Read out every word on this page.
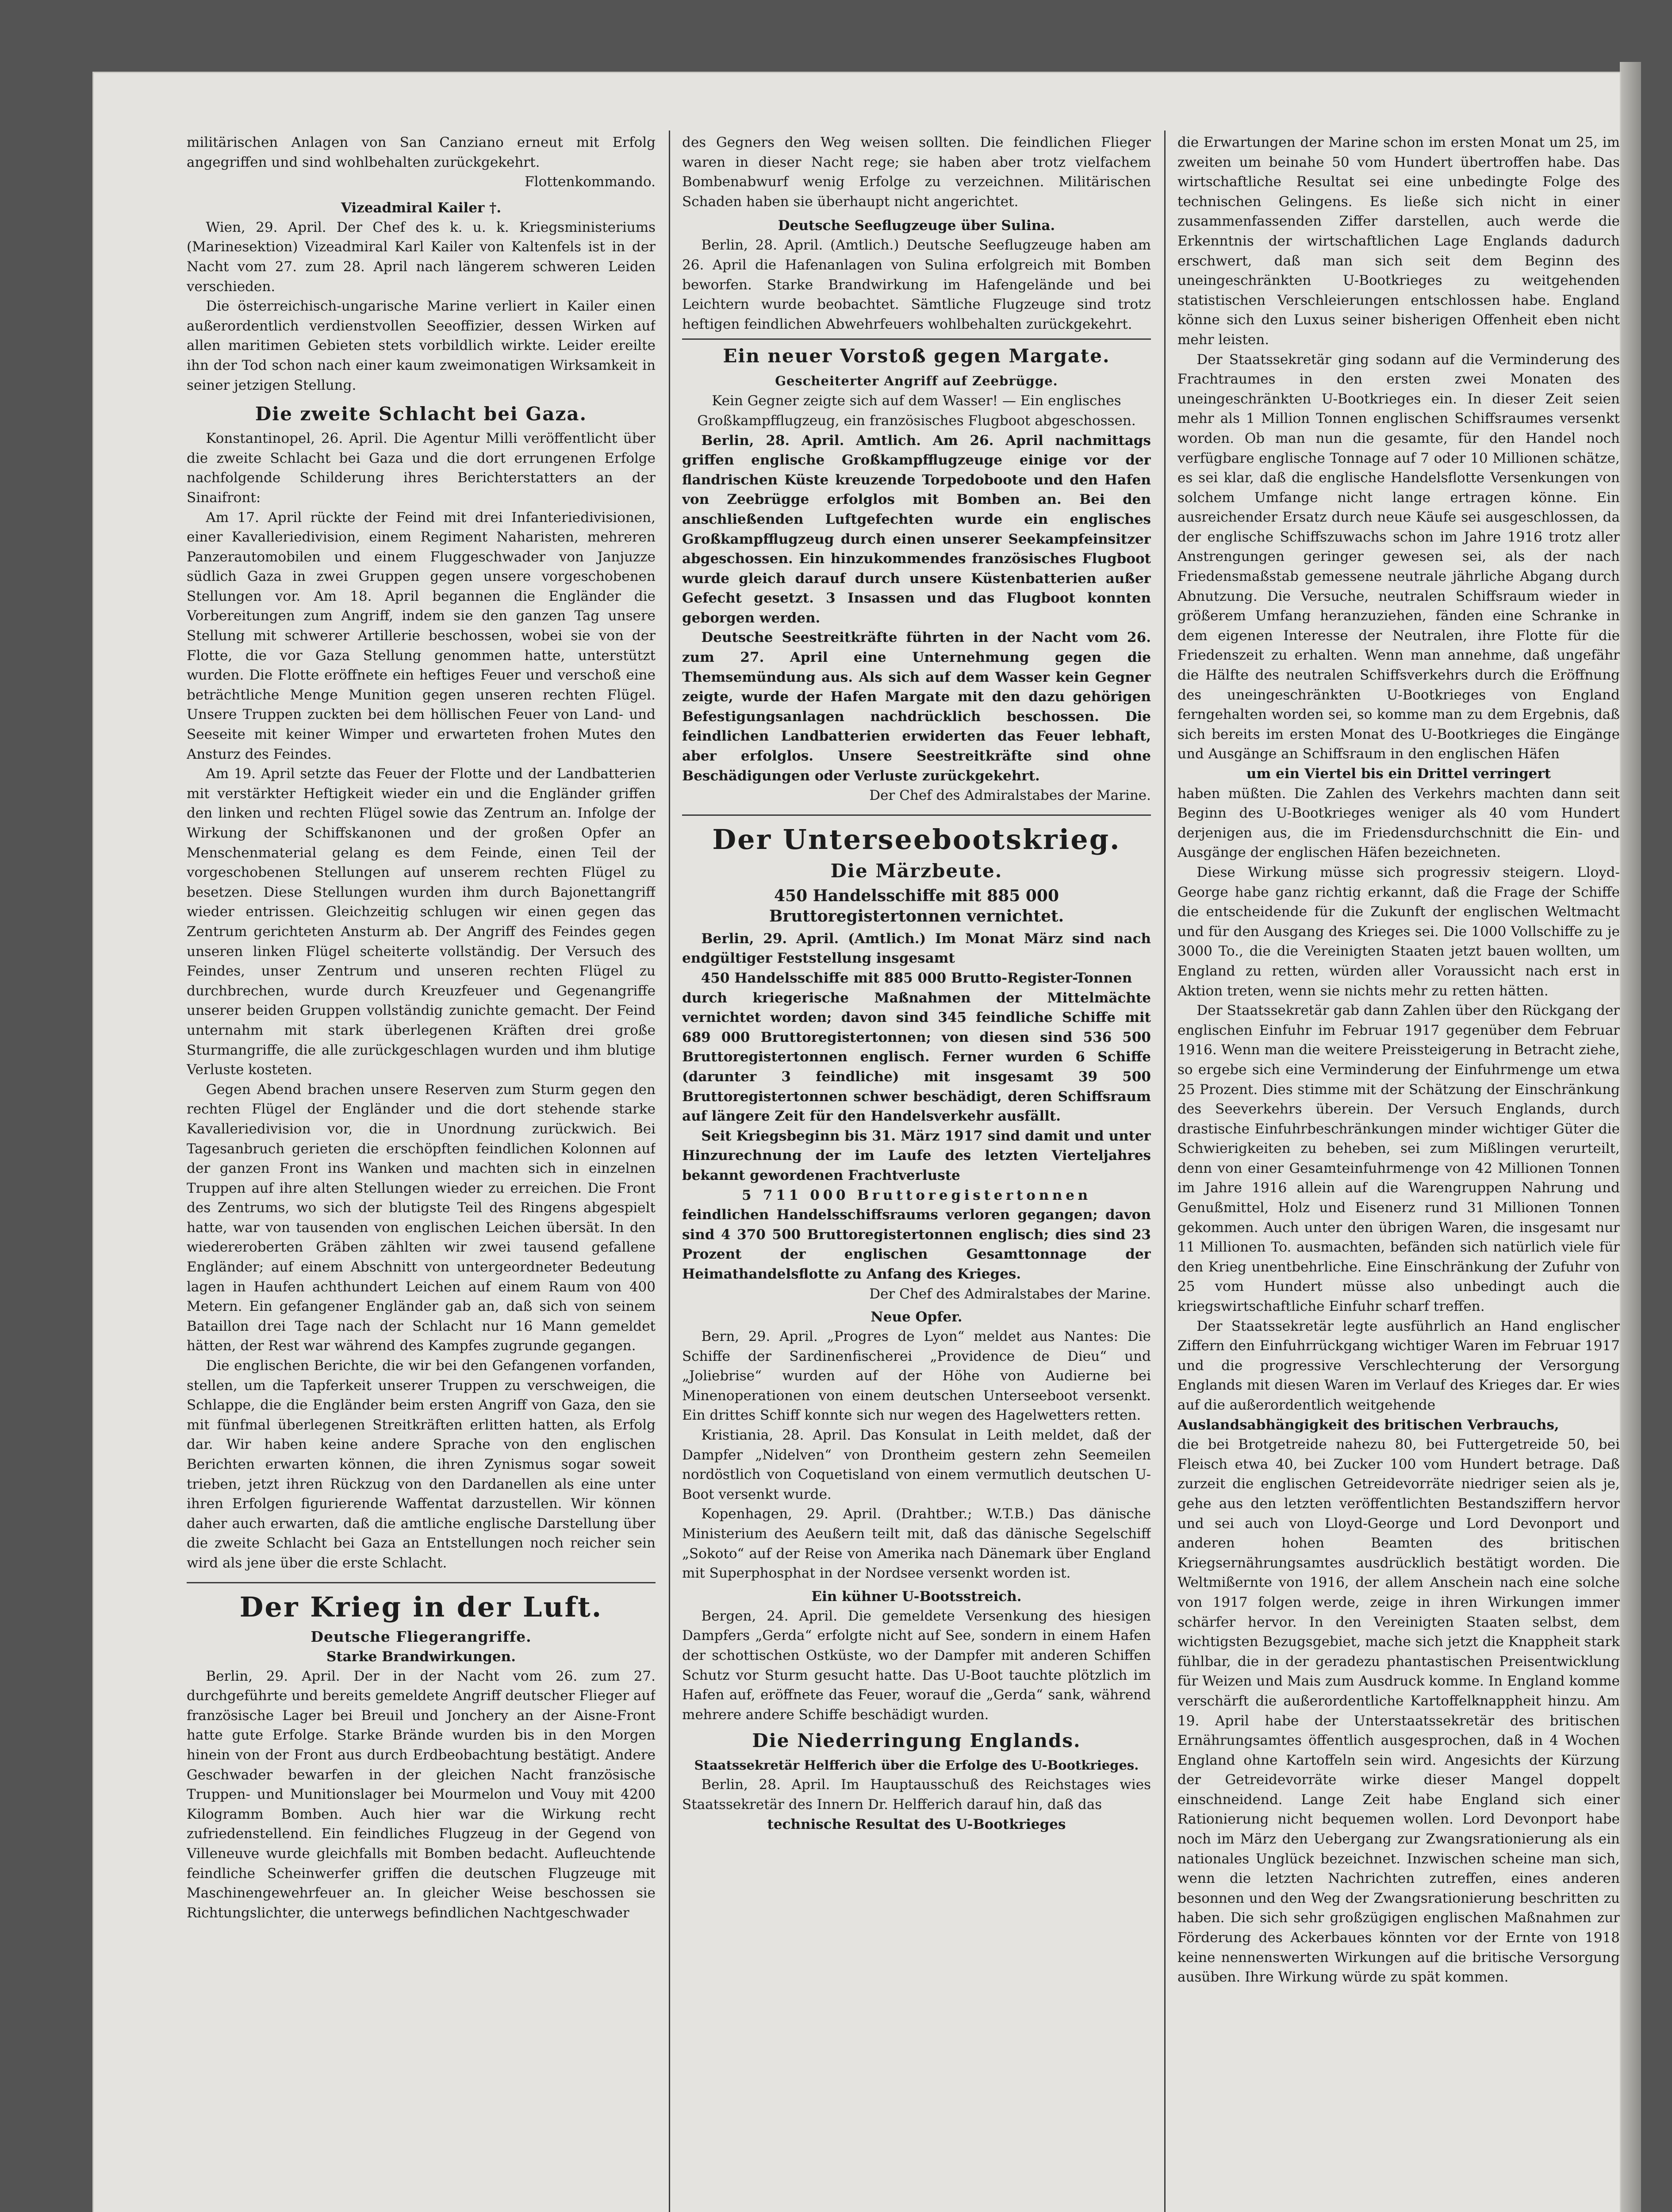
militärischen Anlagen von San Canziano erneut mit Erfolg angegriffen und sind wohlbehalten zurückgekehrt.

Flottenkommando.

Vizeadmiral Kailer †.

Wien, 29. April. Der Chef des k. u. k. Kriegsministeriums (Marinesektion) Vizeadmiral Karl Kailer von Kaltenfels ist in der Nacht vom 27. zum 28. April nach längerem schweren Leiden verschieden.

Die österreichisch-ungarische Marine verliert in Kailer einen außerordentlich verdienstvollen Seeoffizier, dessen Wirken auf allen maritimen Gebieten stets vorbildlich wirkte. Leider ereilte ihn der Tod schon nach einer kaum zweimonatigen Wirksamkeit in seiner jetzigen Stellung.

Die zweite Schlacht bei Gaza.

Konstantinopel, 26. April. Die Agentur Milli veröffentlicht über die zweite Schlacht bei Gaza und die dort errungenen Erfolge nachfolgende Schilderung ihres Berichterstatters an der Sinaifront:

Am 17. April rückte der Feind mit drei Infanteriedivisionen, einer Kavalleriedivision, einem Regiment Naharisten, mehreren Panzerautomobilen und einem Fluggeschwader von Janjuzze südlich Gaza in zwei Gruppen gegen unsere vorgeschobenen Stellungen vor. Am 18. April begannen die Engländer die Vorbereitungen zum Angriff, indem sie den ganzen Tag unsere Stellung mit schwerer Artillerie beschossen, wobei sie von der Flotte, die vor Gaza Stellung genommen hatte, unterstützt wurden. Die Flotte eröffnete ein heftiges Feuer und verschoß eine beträchtliche Menge Munition gegen unseren rechten Flügel. Unsere Truppen zuckten bei dem höllischen Feuer von Land- und Seeseite mit keiner Wimper und erwarteten frohen Mutes den Ansturz des Feindes.

Am 19. April setzte das Feuer der Flotte und der Landbatterien mit verstärkter Heftigkeit wieder ein und die Engländer griffen den linken und rechten Flügel sowie das Zentrum an. Infolge der Wirkung der Schiffskanonen und der großen Opfer an Menschenmaterial gelang es dem Feinde, einen Teil der vorgeschobenen Stellungen auf unserem rechten Flügel zu besetzen. Diese Stellungen wurden ihm durch Bajonettangriff wieder entrissen. Gleichzeitig schlugen wir einen gegen das Zentrum gerichteten Ansturm ab. Der Angriff des Feindes gegen unseren linken Flügel scheiterte vollständig. Der Versuch des Feindes, unser Zentrum und unseren rechten Flügel zu durchbrechen, wurde durch Kreuzfeuer und Gegenangriffe unserer beiden Gruppen vollständig zunichte gemacht. Der Feind unternahm mit stark überlegenen Kräften drei große Sturmangriffe, die alle zurückgeschlagen wurden und ihm blutige Verluste kosteten.

Gegen Abend brachen unsere Reserven zum Sturm gegen den rechten Flügel der Engländer und die dort stehende starke Kavalleriedivision vor, die in Unordnung zurückwich. Bei Tagesanbruch gerieten die erschöpften feindlichen Kolonnen auf der ganzen Front ins Wanken und machten sich in einzelnen Truppen auf ihre alten Stellungen wieder zu erreichen. Die Front des Zentrums, wo sich der blutigste Teil des Ringens abgespielt hatte, war von tausenden von englischen Leichen übersät. In den wiedereroberten Gräben zählten wir zwei tausend gefallene Engländer; auf einem Abschnitt von untergeordneter Bedeutung lagen in Haufen achthundert Leichen auf einem Raum von 400 Metern. Ein gefangener Engländer gab an, daß sich von seinem Bataillon drei Tage nach der Schlacht nur 16 Mann gemeldet hätten, der Rest war während des Kampfes zugrunde gegangen.

Die englischen Berichte, die wir bei den Gefangenen vorfanden, stellen, um die Tapferkeit unserer Truppen zu verschweigen, die Schlappe, die die Engländer beim ersten Angriff von Gaza, den sie mit fünfmal überlegenen Streitkräften erlitten hatten, als Erfolg dar. Wir haben keine andere Sprache von den englischen Berichten erwarten können, die ihren Zynismus sogar soweit trieben, jetzt ihren Rückzug von den Dardanellen als eine unter ihren Erfolgen figurierende Waffentat darzustellen. Wir können daher auch erwarten, daß die amtliche englische Darstellung über die zweite Schlacht bei Gaza an Entstellungen noch reicher sein wird als jene über die erste Schlacht.

Der Krieg in der Luft.
Deutsche Fliegerangriffe.
Starke Brandwirkungen.

Berlin, 29. April. Der in der Nacht vom 26. zum 27. durchgeführte und bereits gemeldete Angriff deutscher Flieger auf französische Lager bei Breuil und Jonchery an der Aisne-Front hatte gute Erfolge. Starke Brände wurden bis in den Morgen hinein von der Front aus durch Erdbeobachtung bestätigt. Andere Geschwader bewarfen in der gleichen Nacht französische Truppen- und Munitionslager bei Mourmelon und Vouy mit 4200 Kilogramm Bomben. Auch hier war die Wirkung recht zufriedenstellend. Ein feindliches Flugzeug in der Gegend von Villeneuve wurde gleichfalls mit Bomben bedacht. Aufleuchtende feindliche Scheinwerfer griffen die deutschen Flugzeuge mit Maschinengewehrfeuer an. In gleicher Weise beschossen sie Richtungslichter, die unterwegs befindlichen Nachtgeschwader

des Gegners den Weg weisen sollten. Die feindlichen Flieger waren in dieser Nacht rege; sie haben aber trotz vielfachem Bombenabwurf wenig Erfolge zu verzeichnen. Militärischen Schaden haben sie überhaupt nicht angerichtet.

Deutsche Seeflugzeuge über Sulina.

Berlin, 28. April. (Amtlich.) Deutsche Seeflugzeuge haben am 26. April die Hafenanlagen von Sulina erfolgreich mit Bomben beworfen. Starke Brandwirkung im Hafengelände und bei Leichtern wurde beobachtet. Sämtliche Flugzeuge sind trotz heftigen feindlichen Abwehrfeuers wohlbehalten zurückgekehrt.

Ein neuer Vorstoß gegen Margate.
Gescheiterter Angriff auf Zeebrügge.

Kein Gegner zeigte sich auf dem Wasser! — Ein englisches Großkampfflugzeug, ein französisches Flugboot abgeschossen.

Berlin, 28. April. Amtlich. Am 26. April nachmittags griffen englische Großkampfflugzeuge einige vor der flandrischen Küste kreuzende Torpedoboote und den Hafen von Zeebrügge erfolglos mit Bomben an. Bei den anschließenden Luftgefechten wurde ein englisches Großkampfflugzeug durch einen unserer Seekampfeinsitzer abgeschossen. Ein hinzukommendes französisches Flugboot wurde gleich darauf durch unsere Küstenbatterien außer Gefecht gesetzt. 3 Insassen und das Flugboot konnten geborgen werden.

Deutsche Seestreitkräfte führten in der Nacht vom 26. zum 27. April eine Unternehmung gegen die Themsemündung aus. Als sich auf dem Wasser kein Gegner zeigte, wurde der Hafen Margate mit den dazu gehörigen Befestigungsanlagen nachdrücklich beschossen. Die feindlichen Landbatterien erwiderten das Feuer lebhaft, aber erfolglos. Unsere Seestreitkräfte sind ohne Beschädigungen oder Verluste zurückgekehrt.

Der Chef des Admiralstabes der Marine.

Der Unterseebootskrieg.
Die Märzbeute.
450 Handelsschiffe mit 885 000 Bruttoregistertonnen vernichtet.

Berlin, 29. April. (Amtlich.) Im Monat März sind nach endgültiger Feststellung insgesamt

450 Handelsschiffe mit 885 000 Brutto-Register-Tonnen

durch kriegerische Maßnahmen der Mittelmächte vernichtet worden; davon sind 345 feindliche Schiffe mit 689 000 Bruttoregistertonnen; von diesen sind 536 500 Bruttoregistertonnen englisch. Ferner wurden 6 Schiffe (darunter 3 feindliche) mit insgesamt 39 500 Bruttoregistertonnen schwer beschädigt, deren Schiffsraum auf längere Zeit für den Handelsverkehr ausfällt.

Seit Kriegsbeginn bis 31. März 1917 sind damit und unter Hinzurechnung der im Laufe des letzten Vierteljahres bekannt gewordenen Frachtverluste

5 711 000 Bruttoregistertonnen

feindlichen Handelsschiffsraums verloren gegangen; davon sind 4 370 500 Bruttoregistertonnen englisch; dies sind 23 Prozent der englischen Gesamttonnage der Heimathandelsflotte zu Anfang des Krieges.

Der Chef des Admiralstabes der Marine.

Neue Opfer.

Bern, 29. April. „Progres de Lyon“ meldet aus Nantes: Die Schiffe der Sardinenfischerei „Providence de Dieu“ und „Joliebrise“ wurden auf der Höhe von Audierne bei Minenoperationen von einem deutschen Unterseeboot versenkt. Ein drittes Schiff konnte sich nur wegen des Hagelwetters retten.

Kristiania, 28. April. Das Konsulat in Leith meldet, daß der Dampfer „Nidelven“ von Drontheim gestern zehn Seemeilen nordöstlich von Coquetisland von einem vermutlich deutschen U-Boot versenkt wurde.

Kopenhagen, 29. April. (Drahtber.; W.T.B.) Das dänische Ministerium des Aeußern teilt mit, daß das dänische Segelschiff „Sokoto“ auf der Reise von Amerika nach Dänemark über England mit Superphosphat in der Nordsee versenkt worden ist.

Ein kühner U-Bootsstreich.

Bergen, 24. April. Die gemeldete Versenkung des hiesigen Dampfers „Gerda“ erfolgte nicht auf See, sondern in einem Hafen der schottischen Ostküste, wo der Dampfer mit anderen Schiffen Schutz vor Sturm gesucht hatte. Das U-Boot tauchte plötzlich im Hafen auf, eröffnete das Feuer, worauf die „Gerda“ sank, während mehrere andere Schiffe beschädigt wurden.

Die Niederringung Englands.
Staatssekretär Helfferich über die Erfolge des U-Bootkrieges.

Berlin, 28. April. Im Hauptausschuß des Reichstages wies Staatssekretär des Innern Dr. Helfferich darauf hin, daß das

technische Resultat des U-Bootkrieges

die Erwartungen der Marine schon im ersten Monat um 25, im zweiten um beinahe 50 vom Hundert übertroffen habe. Das wirtschaftliche Resultat sei eine unbedingte Folge des technischen Gelingens. Es ließe sich nicht in einer zusammenfassenden Ziffer darstellen, auch werde die Erkenntnis der wirtschaftlichen Lage Englands dadurch erschwert, daß man sich seit dem Beginn des uneingeschränkten U-Bootkrieges zu weitgehenden statistischen Verschleierungen entschlossen habe. England könne sich den Luxus seiner bisherigen Offenheit eben nicht mehr leisten.

Der Staatssekretär ging sodann auf die Verminderung des Frachtraumes in den ersten zwei Monaten des uneingeschränkten U-Bootkrieges ein. In dieser Zeit seien mehr als 1 Million Tonnen englischen Schiffsraumes versenkt worden. Ob man nun die gesamte, für den Handel noch verfügbare englische Tonnage auf 7 oder 10 Millionen schätze, es sei klar, daß die englische Handelsflotte Versenkungen von solchem Umfange nicht lange ertragen könne. Ein ausreichender Ersatz durch neue Käufe sei ausgeschlossen, da der englische Schiffszuwachs schon im Jahre 1916 trotz aller Anstrengungen geringer gewesen sei, als der nach Friedensmaßstab gemessene neutrale jährliche Abgang durch Abnutzung. Die Versuche, neutralen Schiffsraum wieder in größerem Umfang heranzuziehen, fänden eine Schranke in dem eigenen Interesse der Neutralen, ihre Flotte für die Friedenszeit zu erhalten. Wenn man annehme, daß ungefähr die Hälfte des neutralen Schiffsverkehrs durch die Eröffnung des uneingeschränkten U-Bootkrieges von England ferngehalten worden sei, so komme man zu dem Ergebnis, daß sich bereits im ersten Monat des U-Bootkrieges die Eingänge und Ausgänge an Schiffsraum in den englischen Häfen

um ein Viertel bis ein Drittel verringert

haben müßten. Die Zahlen des Verkehrs machten dann seit Beginn des U-Bootkrieges weniger als 40 vom Hundert derjenigen aus, die im Friedensdurchschnitt die Ein- und Ausgänge der englischen Häfen bezeichneten.

Diese Wirkung müsse sich progressiv steigern. Lloyd-George habe ganz richtig erkannt, daß die Frage der Schiffe die entscheidende für die Zukunft der englischen Weltmacht und für den Ausgang des Krieges sei. Die 1000 Vollschiffe zu je 3000 To., die die Vereinigten Staaten jetzt bauen wollten, um England zu retten, würden aller Voraussicht nach erst in Aktion treten, wenn sie nichts mehr zu retten hätten.

Der Staatssekretär gab dann Zahlen über den Rückgang der englischen Einfuhr im Februar 1917 gegenüber dem Februar 1916. Wenn man die weitere Preissteigerung in Betracht ziehe, so ergebe sich eine Verminderung der Einfuhrmenge um etwa 25 Prozent. Dies stimme mit der Schätzung der Einschränkung des Seeverkehrs überein. Der Versuch Englands, durch drastische Einfuhrbeschränkungen minder wichtiger Güter die Schwierigkeiten zu beheben, sei zum Mißlingen verurteilt, denn von einer Gesamteinfuhrmenge von 42 Millionen Tonnen im Jahre 1916 allein auf die Warengruppen Nahrung und Genußmittel, Holz und Eisenerz rund 31 Millionen Tonnen gekommen. Auch unter den übrigen Waren, die insgesamt nur 11 Millionen To. ausmachten, befänden sich natürlich viele für den Krieg unentbehrliche. Eine Einschränkung der Zufuhr von 25 vom Hundert müsse also unbedingt auch die kriegswirtschaftliche Einfuhr scharf treffen.

Der Staatssekretär legte ausführlich an Hand englischer Ziffern den Einfuhrrückgang wichtiger Waren im Februar 1917 und die progressive Verschlechterung der Versorgung Englands mit diesen Waren im Verlauf des Krieges dar. Er wies auf die außerordentlich weitgehende

Auslandsabhängigkeit des britischen Verbrauchs,

die bei Brotgetreide nahezu 80, bei Futtergetreide 50, bei Fleisch etwa 40, bei Zucker 100 vom Hundert betrage. Daß zurzeit die englischen Getreidevorräte niedriger seien als je, gehe aus den letzten veröffentlichten Bestandsziffern hervor und sei auch von Lloyd-George und Lord Devonport und anderen hohen Beamten des britischen Kriegsernährungsamtes ausdrücklich bestätigt worden. Die Weltmißernte von 1916, der allem Anschein nach eine solche von 1917 folgen werde, zeige in ihren Wirkungen immer schärfer hervor. In den Vereinigten Staaten selbst, dem wichtigsten Bezugsgebiet, mache sich jetzt die Knappheit stark fühlbar, die in der geradezu phantastischen Preisentwicklung für Weizen und Mais zum Ausdruck komme. In England komme verschärft die außerordentliche Kartoffelknappheit hinzu. Am 19. April habe der Unterstaatssekretär des britischen Ernährungsamtes öffentlich ausgesprochen, daß in 4 Wochen England ohne Kartoffeln sein wird. Angesichts der Kürzung der Getreidevorräte wirke dieser Mangel doppelt einschneidend. Lange Zeit habe England sich einer Rationierung nicht bequemen wollen. Lord Devonport habe noch im März den Uebergang zur Zwangsrationierung als ein nationales Unglück bezeichnet. Inzwischen scheine man sich, wenn die letzten Nachrichten zutreffen, eines anderen besonnen und den Weg der Zwangsrationierung beschritten zu haben. Die sich sehr großzügigen englischen Maßnahmen zur Förderung des Ackerbaues könnten vor der Ernte von 1918 keine nennenswerten Wirkungen auf die britische Versorgung ausüben. Ihre Wirkung würde zu spät kommen.
